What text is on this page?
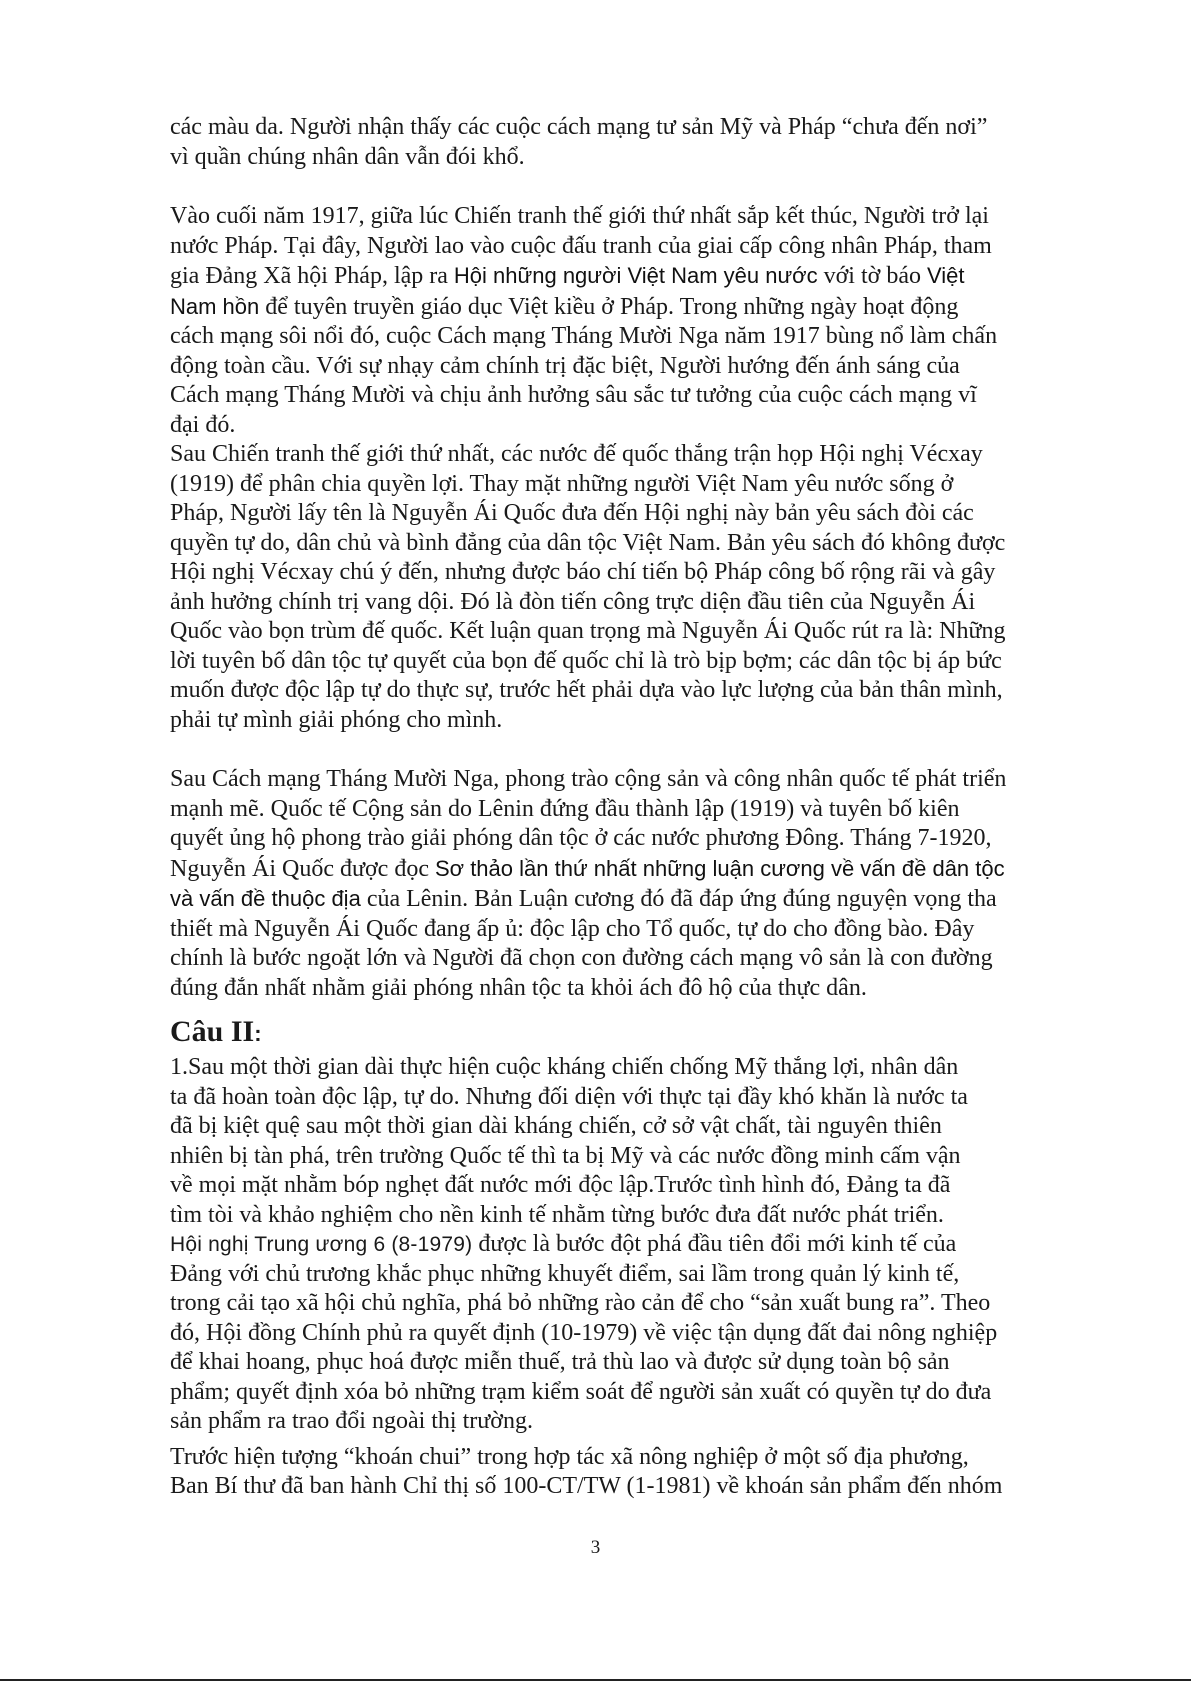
các màu da. Người nhận thấy các cuộc cách mạng tư sản Mỹ và Pháp “chưa đến nơi”
vì quần chúng nhân dân vẫn đói khổ.

Vào cuối năm 1917, giữa lúc Chiến tranh thế giới thứ nhất sắp kết thúc, Người trở lại
nước Pháp. Tại đây, Người lao vào cuộc đấu tranh của giai cấp công nhân Pháp, tham
gia Đảng Xã hội Pháp, lập ra Hội những người Việt Nam yêu nước với tờ báo Việt
Nam hồn để tuyên truyền giáo dục Việt kiều ở Pháp. Trong những ngày hoạt động
cách mạng sôi nổi đó, cuộc Cách mạng Tháng Mười Nga năm 1917 bùng nổ làm chấn
động toàn cầu. Với sự nhạy cảm chính trị đặc biệt, Người hướng đến ánh sáng của
Cách mạng Tháng Mười và chịu ảnh hưởng sâu sắc tư tưởng của cuộc cách mạng vĩ
đại đó.

Sau Chiến tranh thế giới thứ nhất, các nước đế quốc thắng trận họp Hội nghị Vécxay
(1919) để phân chia quyền lợi. Thay mặt những người Việt Nam yêu nước sống ở
Pháp, Người lấy tên là Nguyễn Ái Quốc đưa đến Hội nghị này bản yêu sách đòi các
quyền tự do, dân chủ và bình đẳng của dân tộc Việt Nam. Bản yêu sách đó không được
Hội nghị Vécxay chú ý đến, nhưng được báo chí tiến bộ Pháp công bố rộng rãi và gây
ảnh hưởng chính trị vang dội. Đó là đòn tiến công trực diện đầu tiên của Nguyễn Ái
Quốc vào bọn trùm đế quốc. Kết luận quan trọng mà Nguyễn Ái Quốc rút ra là: Những
lời tuyên bố dân tộc tự quyết của bọn đế quốc chỉ là trò bịp bợm; các dân tộc bị áp bức
muốn được độc lập tự do thực sự, trước hết phải dựa vào lực lượng của bản thân mình,
phải tự mình giải phóng cho mình.

Sau Cách mạng Tháng Mười Nga, phong trào cộng sản và công nhân quốc tế phát triển
mạnh mẽ. Quốc tế Cộng sản do Lênin đứng đầu thành lập (1919) và tuyên bố kiên
quyết ủng hộ phong trào giải phóng dân tộc ở các nước phương Đông. Tháng 7-1920,
Nguyễn Ái Quốc được đọc Sơ thảo lần thứ nhất những luận cương về vấn đề dân tộc
và vấn đề thuộc địa của Lênin. Bản Luận cương đó đã đáp ứng đúng nguyện vọng tha
thiết mà Nguyễn Ái Quốc đang ấp ủ: độc lập cho Tổ quốc, tự do cho đồng bào. Đây
chính là bước ngoặt lớn và Người đã chọn con đường cách mạng vô sản là con đường
đúng đắn nhất nhằm giải phóng nhân tộc ta khỏi ách đô hộ của thực dân.

Câu II:

1.Sau một thời gian dài thực hiện cuộc kháng chiến chống Mỹ thắng lợi, nhân dân
ta đã hoàn toàn độc lập, tự do. Nhưng đối diện với thực tại đầy khó khăn là nước ta
đã bị kiệt quệ sau một thời gian dài kháng chiến, cở sở vật chất, tài nguyên thiên
nhiên bị tàn phá, trên trường Quốc tế thì ta bị Mỹ và các nước đồng minh cấm vận
về mọi mặt nhằm bóp nghẹt đất nước mới độc lập.Trước tình hình đó, Đảng ta đã
tìm tòi và khảo nghiệm cho nền kinh tế nhằm từng bước đưa đất nước phát triển.
Hội nghị Trung ương 6 (8-1979) được là bước đột phá đầu tiên đổi mới kinh tế của
Đảng với chủ trương khắc phục những khuyết điểm, sai lầm trong quản lý kinh tế,
trong cải tạo xã hội chủ nghĩa, phá bỏ những rào cản để cho “sản xuất bung ra”. Theo
đó, Hội đồng Chính phủ ra quyết định (10-1979) về việc tận dụng đất đai nông nghiệp
để khai hoang, phục hoá được miễn thuế, trả thù lao và được sử dụng toàn bộ sản
phẩm; quyết định xóa bỏ những trạm kiểm soát để người sản xuất có quyền tự do đưa
sản phẩm ra trao đổi ngoài thị trường.

Trước hiện tượng “khoán chui” trong hợp tác xã nông nghiệp ở một số địa phương,
Ban Bí thư đã ban hành Chỉ thị số 100-CT/TW (1-1981) về khoán sản phẩm đến nhóm

3
